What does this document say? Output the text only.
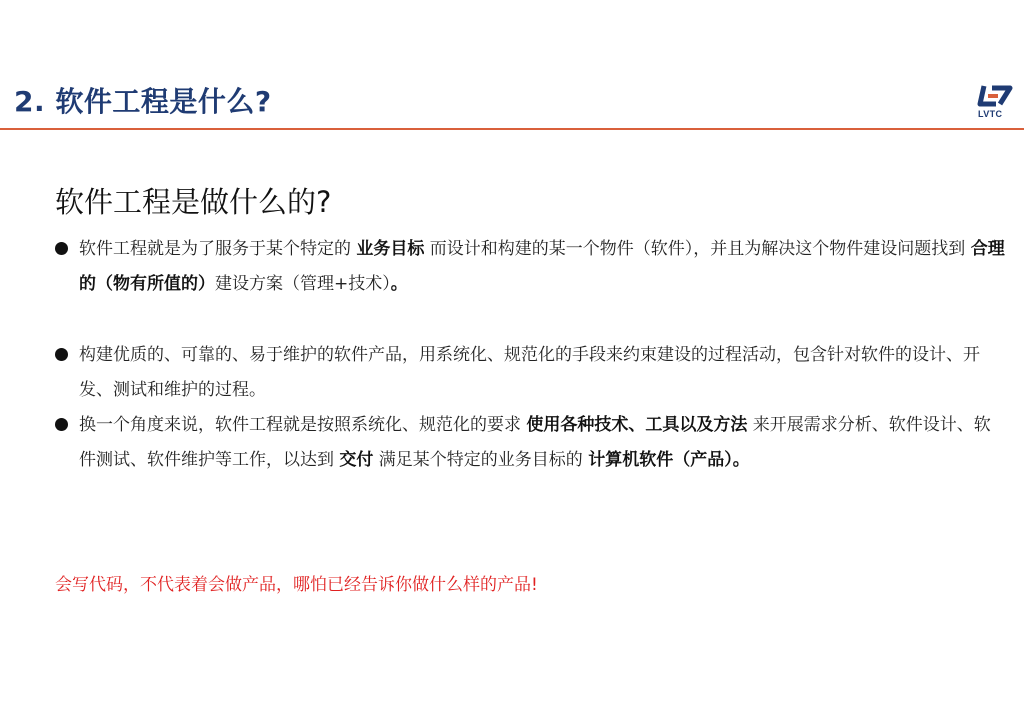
2. 软件工程是什么?	LVTC
软件工程是做什么的?
软件工程就是为了服务于某个特定的 业务目标 而设计和构建的某一个物件（软件），并且为解决这个物件建设问题找到 合理的（物有所值的）建设方案（管理+技术）。
构建优质的、可靠的、易于维护的软件产品，用系统化、规范化的手段来约束建设的过程活动，包含针对软件的设计、开发、测试和维护的过程。
换一个角度来说，软件工程就是按照系统化、规范化的要求 使用各种技术、工具以及方法 来开展需求分析、软件设计、软件测试、软件维护等工作，以达到 交付 满足某个特定的业务目标的 计算机软件（产品）。
会写代码，不代表着会做产品，哪怕已经告诉你做什么样的产品!
